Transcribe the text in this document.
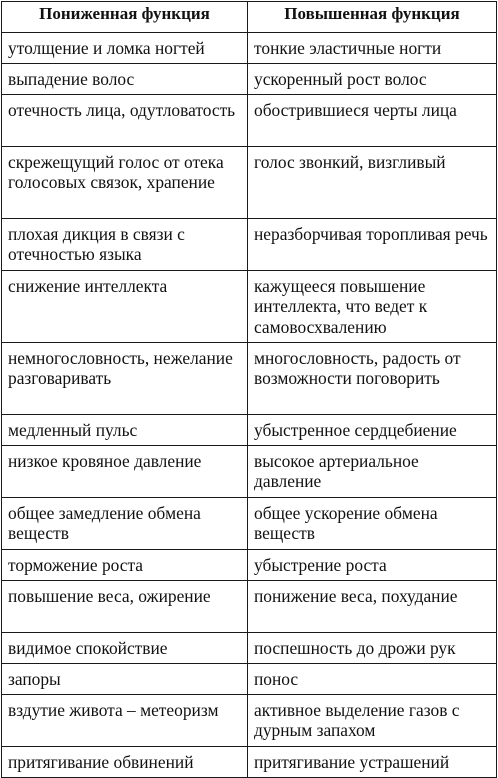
Пониженная функция	Повышенная функция
утолщение и ломка ногтей	тонкие эластичные ногти
выпадение волос	ускоренный рост волос
отечность лица, одутловатость	обострившиеся черты лица
скрежещущий голос от отека голосовых связок, храпение	голос звонкий, визгливый
плохая дикция в связи с отечностью языка	неразборчивая торопливая речь
снижение интеллекта	кажущееся повышение интеллекта, что ведет к самовосхвалению
немногословность, нежелание разговаривать	многословность, радость от возможности поговорить
медленный пульс	убыстренное сердцебиение
низкое кровяное давление	высокое артериальное давление
общее замедление обмена веществ	общее ускорение обмена веществ
торможение роста	убыстрение роста
повышение веса, ожирение	понижение веса, похудание
видимое спокойствие	поспешность до дрожи рук
запоры	понос
вздутие живота – метеоризм	активное выделение газов с дурным запахом
притягивание обвинений	притягивание устрашений
